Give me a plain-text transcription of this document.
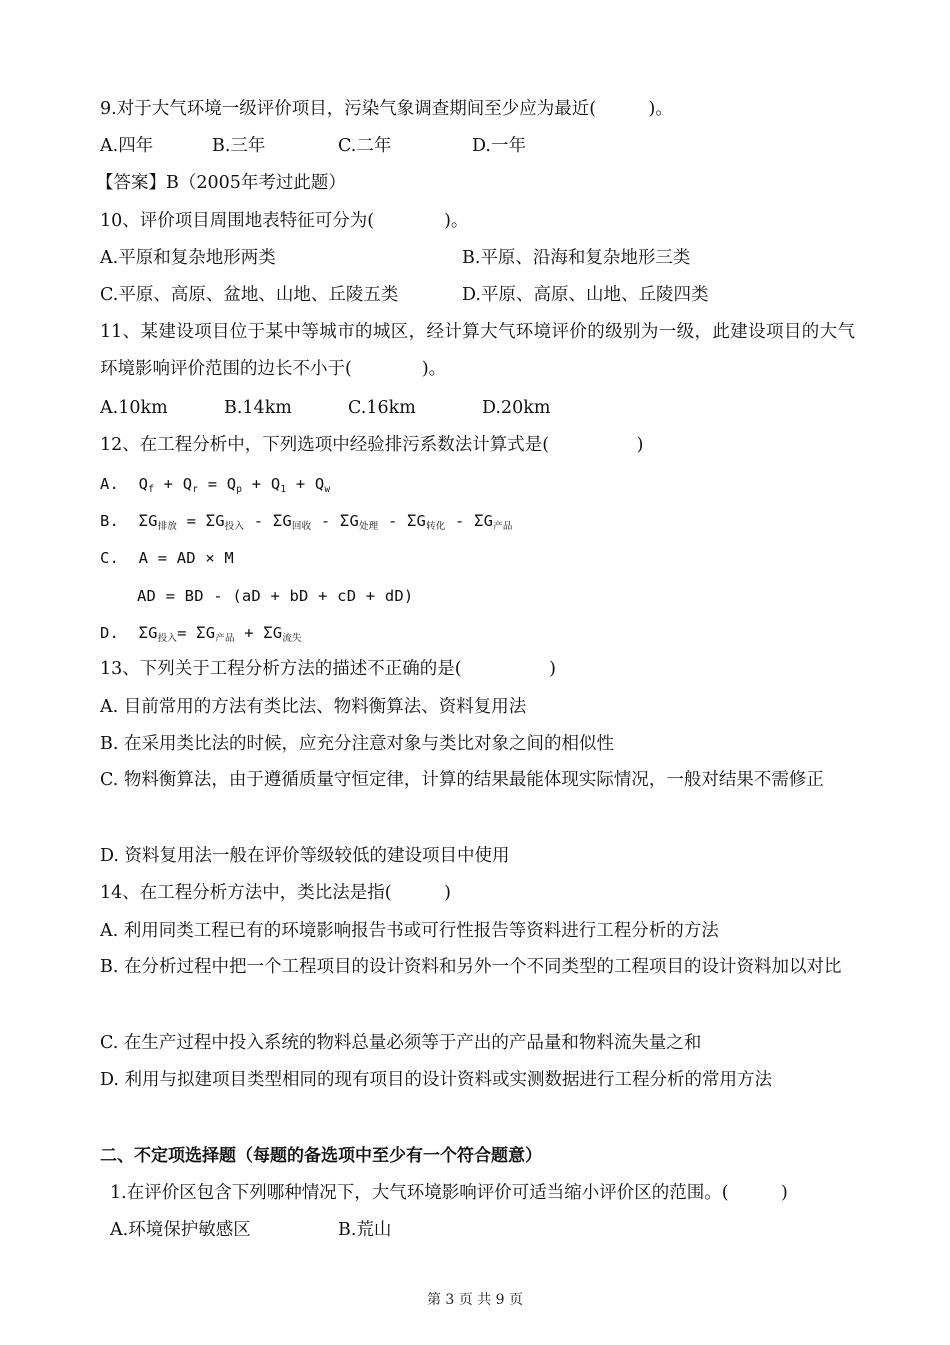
9.对于大气环境一级评价项目，污染气象调查期间至少应为最近(　　　)。
A.四年	B.三年	C.二年	D.一年
【答案】B（2005年考过此题）
10、评价项目周围地表特征可分为(　　　　)。
A.平原和复杂地形两类	B.平原、沿海和复杂地形三类
C.平原、高原、盆地、山地、丘陵五类	D.平原、高原、山地、丘陵四类
11、某建设项目位于某中等城市的城区，经计算大气环境评价的级别为一级，此建设项目的大气环境影响评价范围的边长不小于(　　　　)。
A.10km	B.14km	C.16km	D.20km
12、在工程分析中，下列选项中经验排污系数法计算式是(　　　　　)
A. $Q_f + Q_r = Q_p + Q_1 + Q_w$
B. $\Sigma G_{排放} = \Sigma G_{投入} - \Sigma G_{回收} - \Sigma G_{处理} - \Sigma G_{转化} - \Sigma G_{产品}$
C. A = AD × M
AD = BD - (aD + bD + cD + dD)
D. $\Sigma G_{投入}= \Sigma G_{产品} + \Sigma G_{流失}$
13、下列关于工程分析方法的描述不正确的是(　　　　　)
A. 目前常用的方法有类比法、物料衡算法、资料复用法
B. 在采用类比法的时候，应充分注意对象与类比对象之间的相似性
C. 物料衡算法，由于遵循质量守恒定律，计算的结果最能体现实际情况，一般对结果不需修正
D. 资料复用法一般在评价等级较低的建设项目中使用
14、在工程分析方法中，类比法是指(　　　)
A. 利用同类工程已有的环境影响报告书或可行性报告等资料进行工程分析的方法
B. 在分析过程中把一个工程项目的设计资料和另外一个不同类型的工程项目的设计资料加以对比
C. 在生产过程中投入系统的物料总量必须等于产出的产品量和物料流失量之和
D. 利用与拟建项目类型相同的现有项目的设计资料或实测数据进行工程分析的常用方法
二、不定项选择题（每题的备选项中至少有一个符合题意）
1.在评价区包含下列哪种情况下，大气环境影响评价可适当缩小评价区的范围。(　　　)
A.环境保护敏感区	B.荒山
第 3 页 共 9 页
